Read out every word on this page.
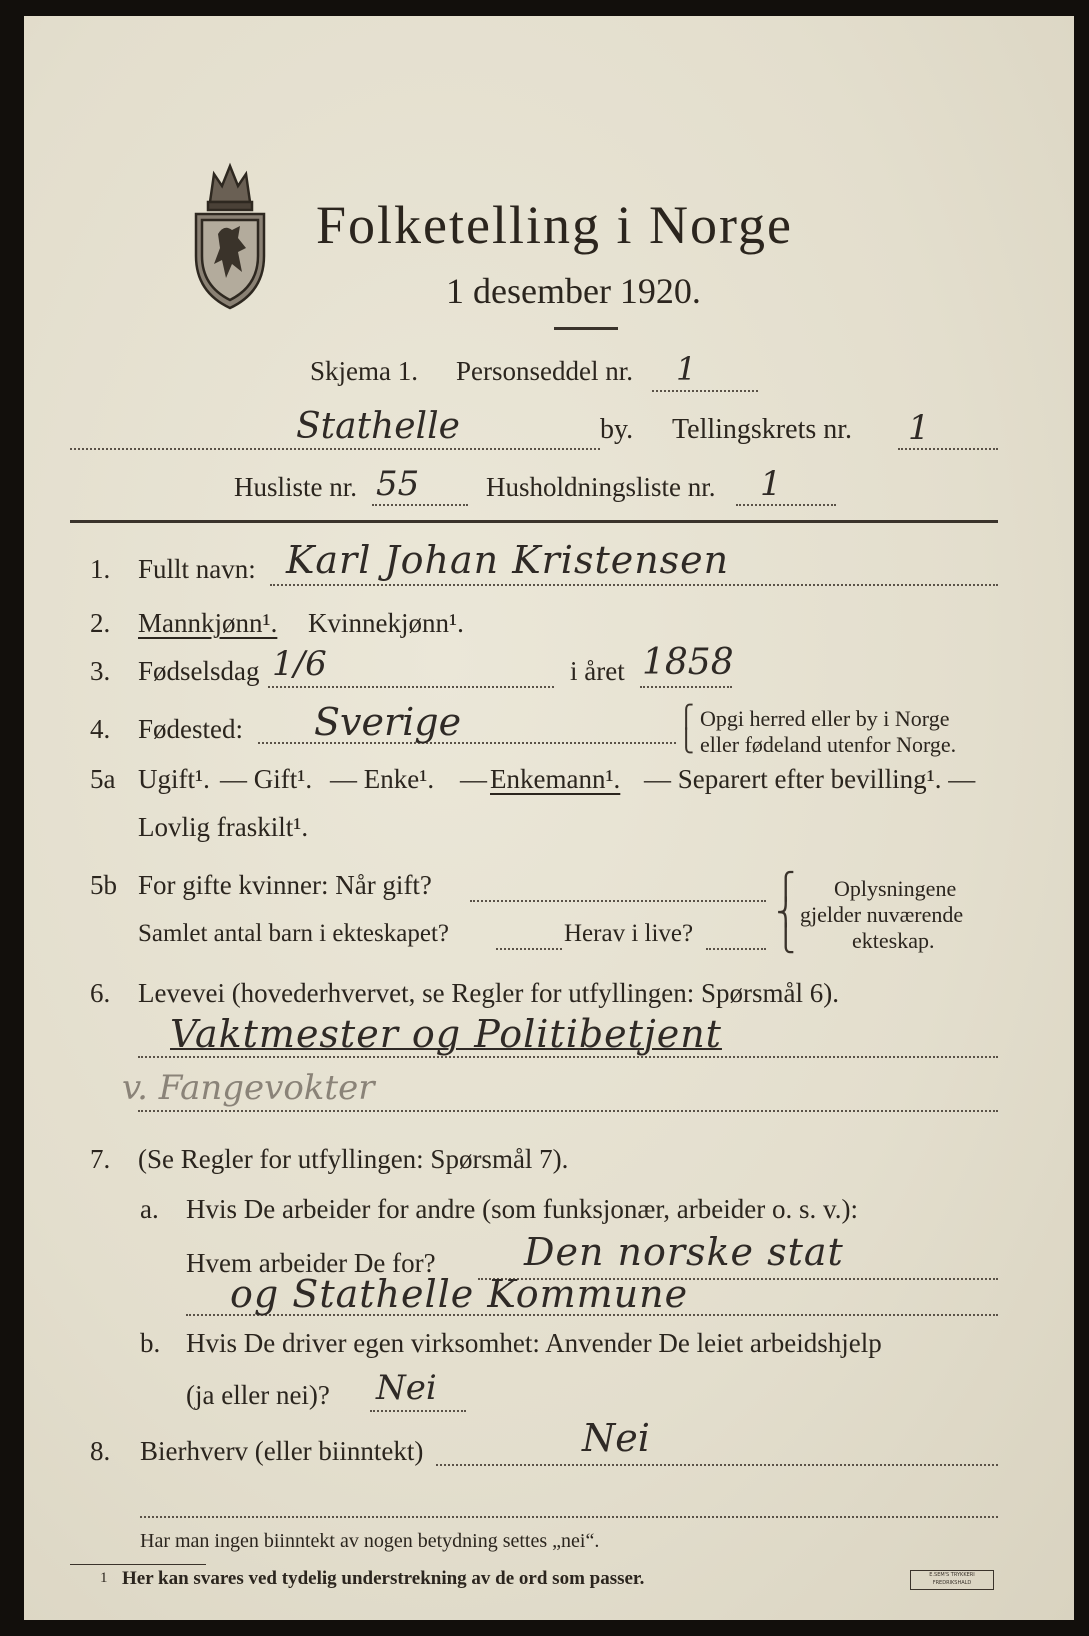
Folketelling i Norge
1 desember 1920.
Skjema 1. Personseddel nr. 1
Stathelle	by. Tellingskrets nr. 1
Husliste nr. 55 Husholdningsliste nr. 1
1. Fullt navn: Karl Johan Kristensen
2. Mannkjønn¹. Kvinnekjønn¹.
3. Fødselsdag 1/6	i året 1858
4. Fødested: Sverige	⎧
⎩
Opgi herred eller by i Norge
eller fødeland utenfor Norge.
5a Ugift¹. — Gift¹. — Enke¹. — Enkemann¹. — Separert efter bevilling¹. —
Lovlig fraskilt¹.
5b For gifte kvinner: Når gift?
Samlet antal barn i ekteskapet?	Herav i live?
⎧
⎨
⎩
Oplysningene
gjelder nuværende
ekteskap.
6. Levevei (hovederhvervet, se Regler for utfyllingen: Spørsmål 6).
Vaktmester og Politibetjent
v. Fangevokter
7. (Se Regler for utfyllingen: Spørsmål 7).
a. Hvis De arbeider for andre (som funksjonær, arbeider o. s. v.):
Hvem arbeider De for? Den norske stat
og Stathelle Kommune
b. Hvis De driver egen virksomhet: Anvender De leiet arbeidshjelp
(ja eller nei)? Nei
8. Bierhverv (eller biinntekt)	Nei
Har man ingen biinntekt av nogen betydning settes „nei“.
1 Her kan svares ved tydelig understrekning av de ord som passer.	E.SEM'S TRYKKERI FREDRIKSHALD
